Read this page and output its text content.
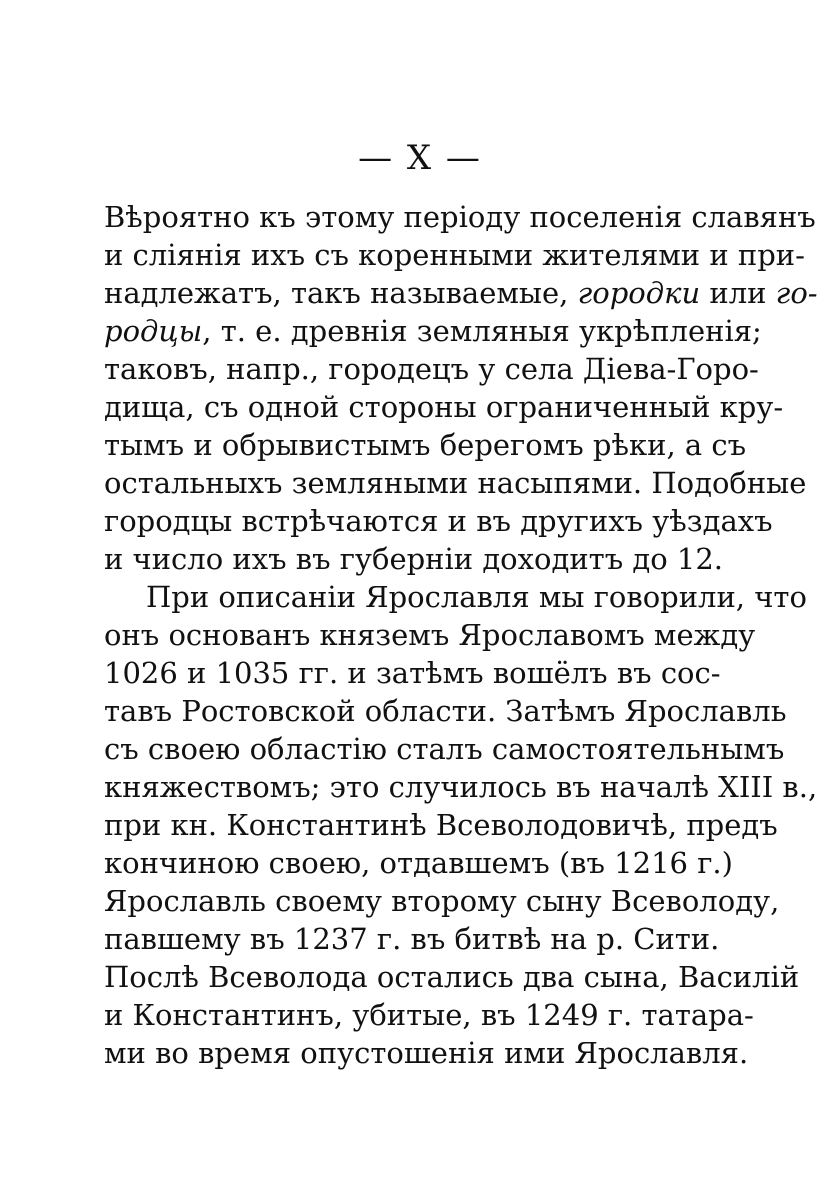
— X —
Вѣроятно къ этому періоду поселенія славянъ
и сліянія ихъ съ коренными жителями и при-
надлежатъ, такъ называемые, городки или го-
родцы, т. е. древнія земляныя укрѣпленія;
таковъ, напр., городецъ у села Діева-Горо-
дища, съ одной стороны ограниченный кру-
тымъ и обрывистымъ берегомъ рѣки, а съ
остальныхъ земляными насыпями. Подобные
городцы встрѣчаются и въ другихъ уѣздахъ
и число ихъ въ губерніи доходитъ до 12.
При описаніи Ярославля мы говорили, что
онъ основанъ княземъ Ярославомъ между
1026 и 1035 гг. и затѣмъ вошёлъ въ сос-
тавъ Ростовской области. Затѣмъ Ярославль
съ своею областію сталъ самостоятельнымъ
княжествомъ; это случилось въ началѣ XIII в.,
при кн. Константинѣ Всеволодовичѣ, предъ
кончиною своею, отдавшемъ (въ 1216 г.)
Ярославль своему второму сыну Всеволоду,
павшему въ 1237 г. въ битвѣ на р. Сити.
Послѣ Всеволода остались два сына, Василій
и Константинъ, убитые, въ 1249 г. татара-
ми во время опустошенія ими Ярославля.
